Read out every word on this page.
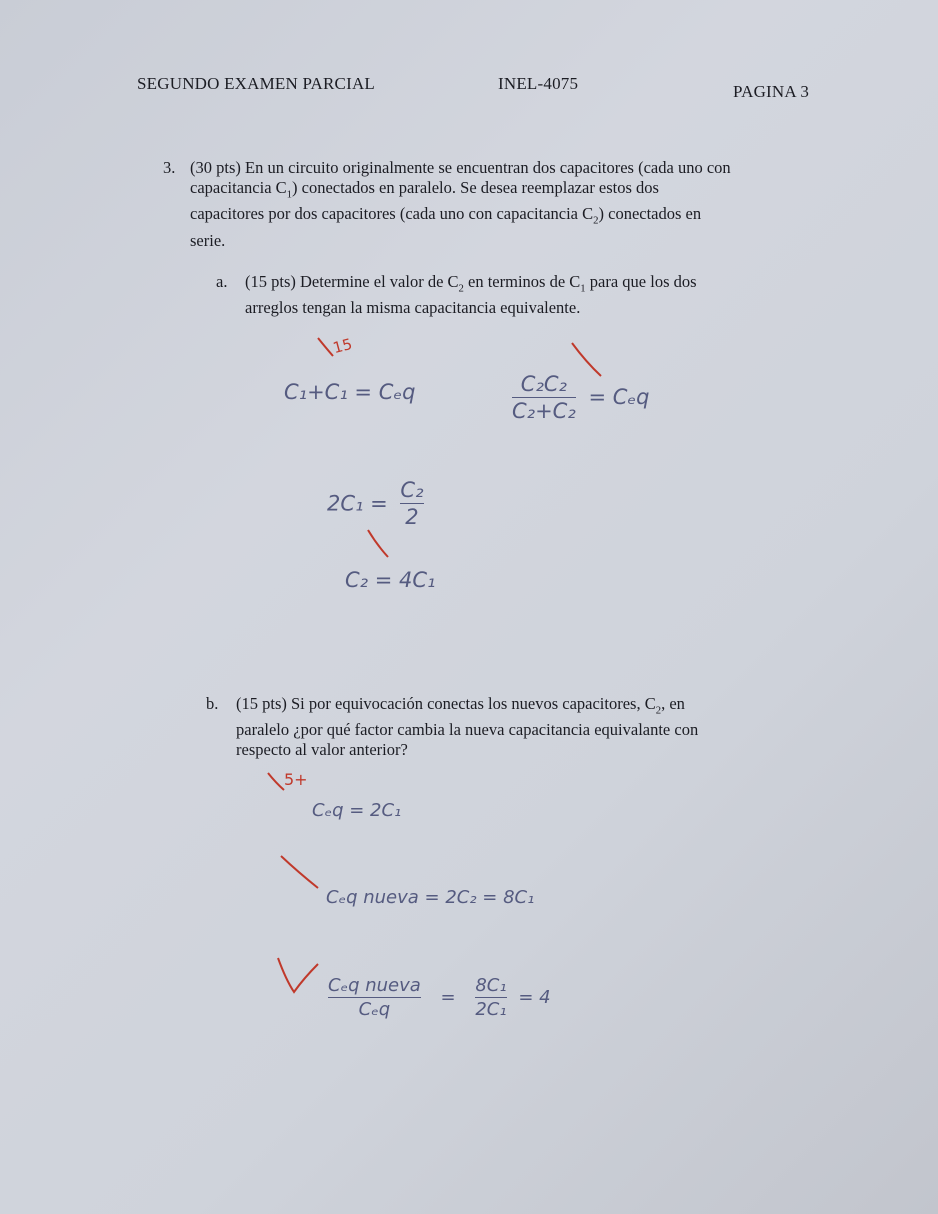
SEGUNDO EXAMEN PARCIAL	INEL-4075	PAGINA 3
3. (30 pts) En un circuito originalmente se encuentran dos capacitores (cada uno con
capacitancia $C_1$) conectados en paralelo. Se desea reemplazar estos dos
capacitores por dos capacitores (cada uno con capacitancia $C_2$) conectados en
serie.
a. (15 pts) Determine el valor de $C_2$ en terminos de $C_1$ para que los dos
arreglos tengan la misma capacitancia equivalente.
15
C₁+C₁ = Cₑq	$\frac{\text{C₂C₂}}{\text{C₂+C₂}} = C_eq$
$2C_1 = \frac{\text{C₂}}{2}$
C₂ = 4C₁
b. (15 pts) Si por equivocación conectas los nuevos capacitores, $C_2$, en
paralelo ¿por qué factor cambia la nueva capacitancia equivalante con
respecto al valor anterior?
5+
Cₑq = 2C₁
Cₑq nueva = 2C₂ = 8C₁
$\frac{\text{Cₑq nueva}}{\text{Cₑq}} = \frac{\text{8C₁}}{\text{2C₁}} = 4$
